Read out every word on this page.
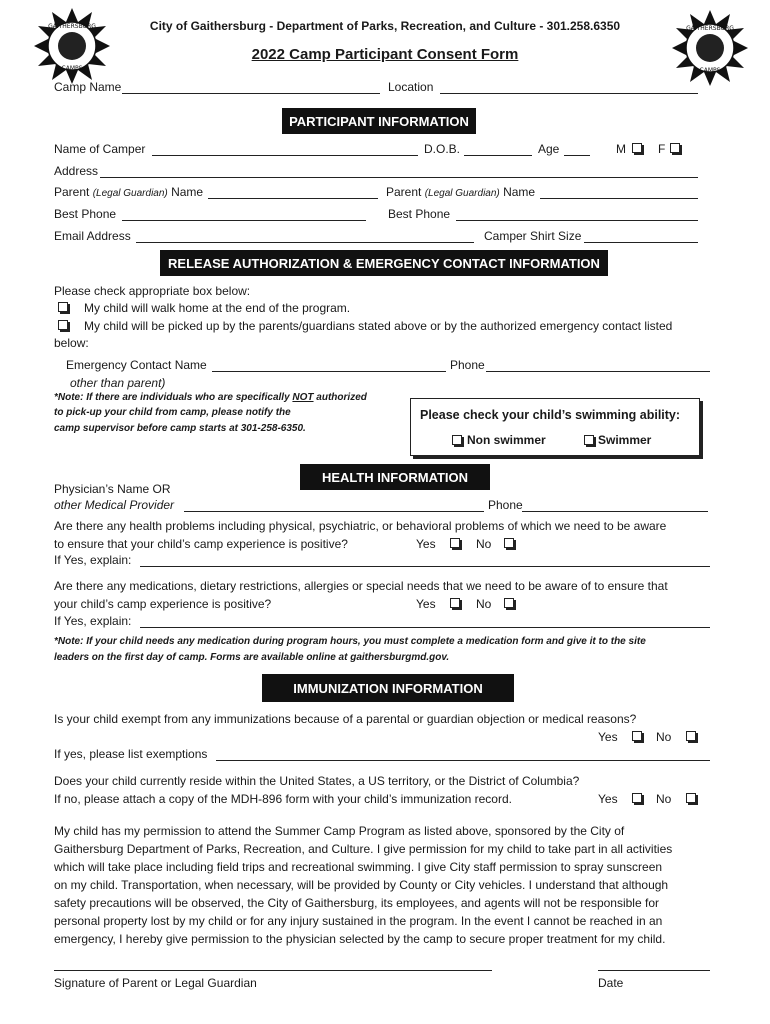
GAITHERSBURG
CAMPS
GAITHERSBURG
CAMPS
City of Gaithersburg - Department of Parks, Recreation, and Culture - 301.258.6350
2022 Camp Participant Consent Form
Camp Name	Location
PARTICIPANT INFORMATION
Name of Camper	D.O.B.	Age	M	F
Address
Parent (Legal Guardian) Name	Parent (Legal Guardian) Name
Best Phone	Best Phone
Email Address	Camper Shirt Size
RELEASE AUTHORIZATION & EMERGENCY CONTACT INFORMATION
Please check appropriate box below:
My child will walk home at the end of the program.
My child will be picked up by the parents/guardians stated above or by the authorized emergency contact listed
below:
Emergency Contact Name	Phone
other than parent)
*Note: If there are individuals who are specifically NOT authorized
to pick-up your child from camp, please notify the
camp supervisor before camp starts at 301-258-6350.
Please check your child’s swimming ability:
Non swimmer	Swimmer
HEALTH INFORMATION
Physician’s Name OR
other Medical Provider	Phone
Are there any health problems including physical, psychiatric, or behavioral problems of which we need to be aware
to ensure that your child’s camp experience is positive?	Yes	No
If Yes, explain:
Are there any medications, dietary restrictions, allergies or special needs that we need to be aware of to ensure that
your child’s camp experience is positive?	Yes	No
If Yes, explain:
*Note: If your child needs any medication during program hours, you must complete a medication form and give it to the site
leaders on the first day of camp. Forms are available online at gaithersburgmd.gov.
IMMUNIZATION INFORMATION
Is your child exempt from any immunizations because of a parental or guardian objection or medical reasons?
Yes	No
If yes, please list exemptions
Does your child currently reside within the United States, a US territory, or the District of Columbia?
If no, please attach a copy of the MDH-896 form with your child’s immunization record.	Yes	No
My child has my permission to attend the Summer Camp Program as listed above, sponsored by the City of
Gaithersburg Department of Parks, Recreation, and Culture. I give permission for my child to take part in all activities
which will take place including field trips and recreational swimming. I give City staff permission to spray sunscreen
on my child. Transportation, when necessary, will be provided by County or City vehicles. I understand that although
safety precautions will be observed, the City of Gaithersburg, its employees, and agents will not be responsible for
personal property lost by my child or for any injury sustained in the program. In the event I cannot be reached in an
emergency, I hereby give permission to the physician selected by the camp to secure proper treatment for my child.
Signature of Parent or Legal Guardian	Date
